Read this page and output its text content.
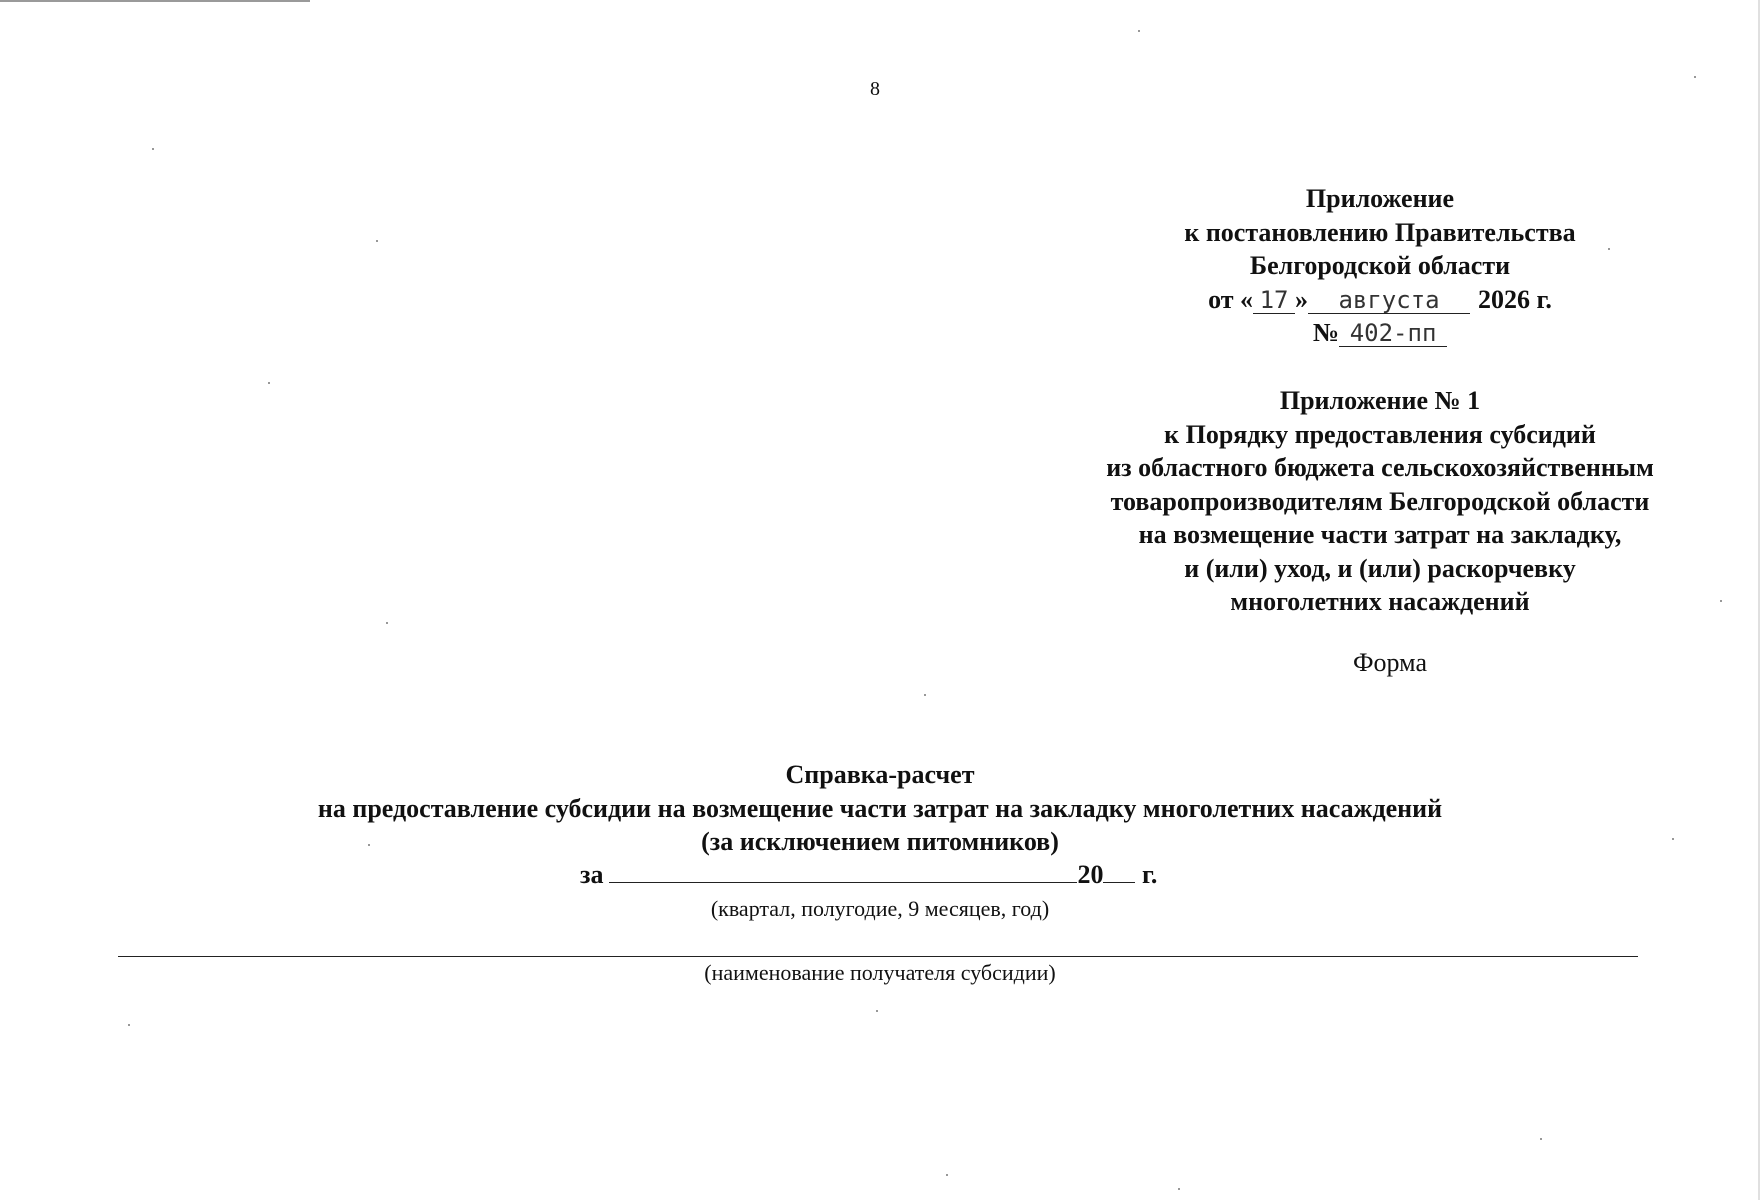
8
Приложение
к постановлению Правительства
Белгородской области
от « 17 » августа 2026 г.
№ 402-пп
Приложение № 1
к Порядку предоставления субсидий
из областного бюджета сельскохозяйственным
товаропроизводителям Белгородской области
на возмещение части затрат на закладку,
и (или) уход, и (или) раскорчевку
многолетних насаждений
Форма
Справка-расчет
на предоставление субсидии на возмещение части затрат на закладку многолетних насаждений
(за исключением питомников)
за	20 г.
(квартал, полугодие, 9 месяцев, год)
(наименование получателя субсидии)
